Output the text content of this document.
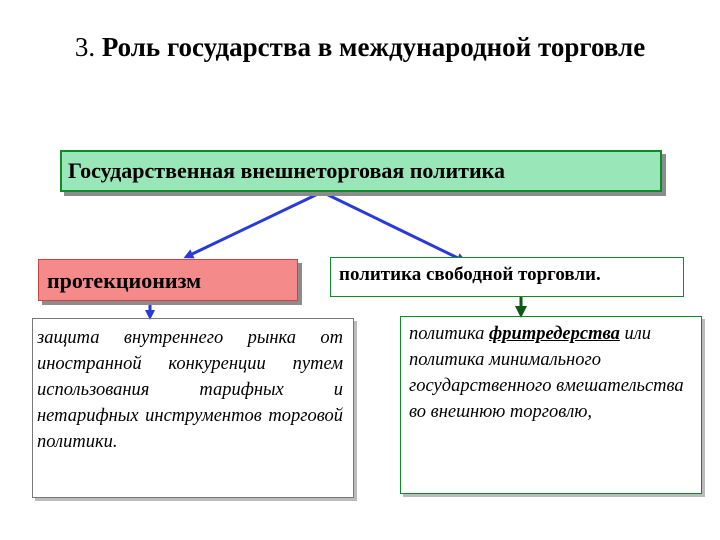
3. Роль государства в международной торговле
Государственная внешнеторговая политика
протекционизм	политика свободной торговли.
защита внутреннего рынка от иностранной конкуренции путем использования тарифных и нетарифных инструментов торговой политики.
политика фритредерства или политика минимального государственного вмешательства во внешнюю торговлю,
